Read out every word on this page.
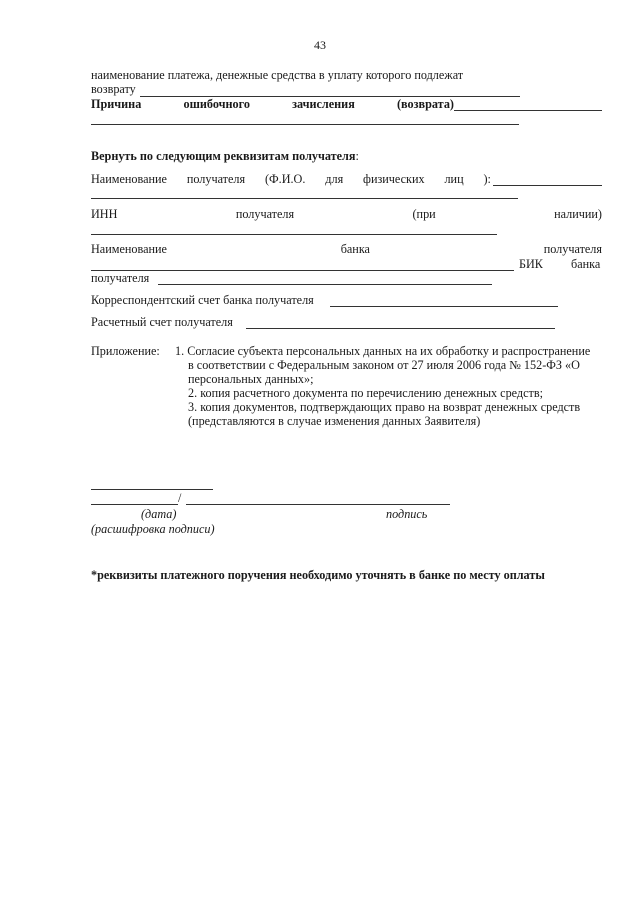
43
наименование платежа, денежные средства в уплату которого подлежат
возврату
Причина	ошибочного	зачисления	(возврата)
Вернуть по следующим реквизитам получателя:
Наименование получателя (Ф.И.О. для физических лиц ):
ИНН	получателя	(при	наличии)
Наименование	банка	получателя
БИК банка
получателя
Корреспондентский счет банка получателя
Расчетный счет получателя
Приложение: 1. Согласие субъекта персональных данных на их обработку и распространение
в соответствии с Федеральным законом от 27 июля 2006 года № 152-ФЗ «О
персональных данных»;
2. копия расчетного документа по перечислению денежных средств;
3. копия документов, подтверждающих право на возврат денежных средств
(представляются в случае изменения данных Заявителя)
/
(дата)	подпись
(расшифровка подписи)
*реквизиты платежного поручения необходимо уточнять в банке по месту оплаты
